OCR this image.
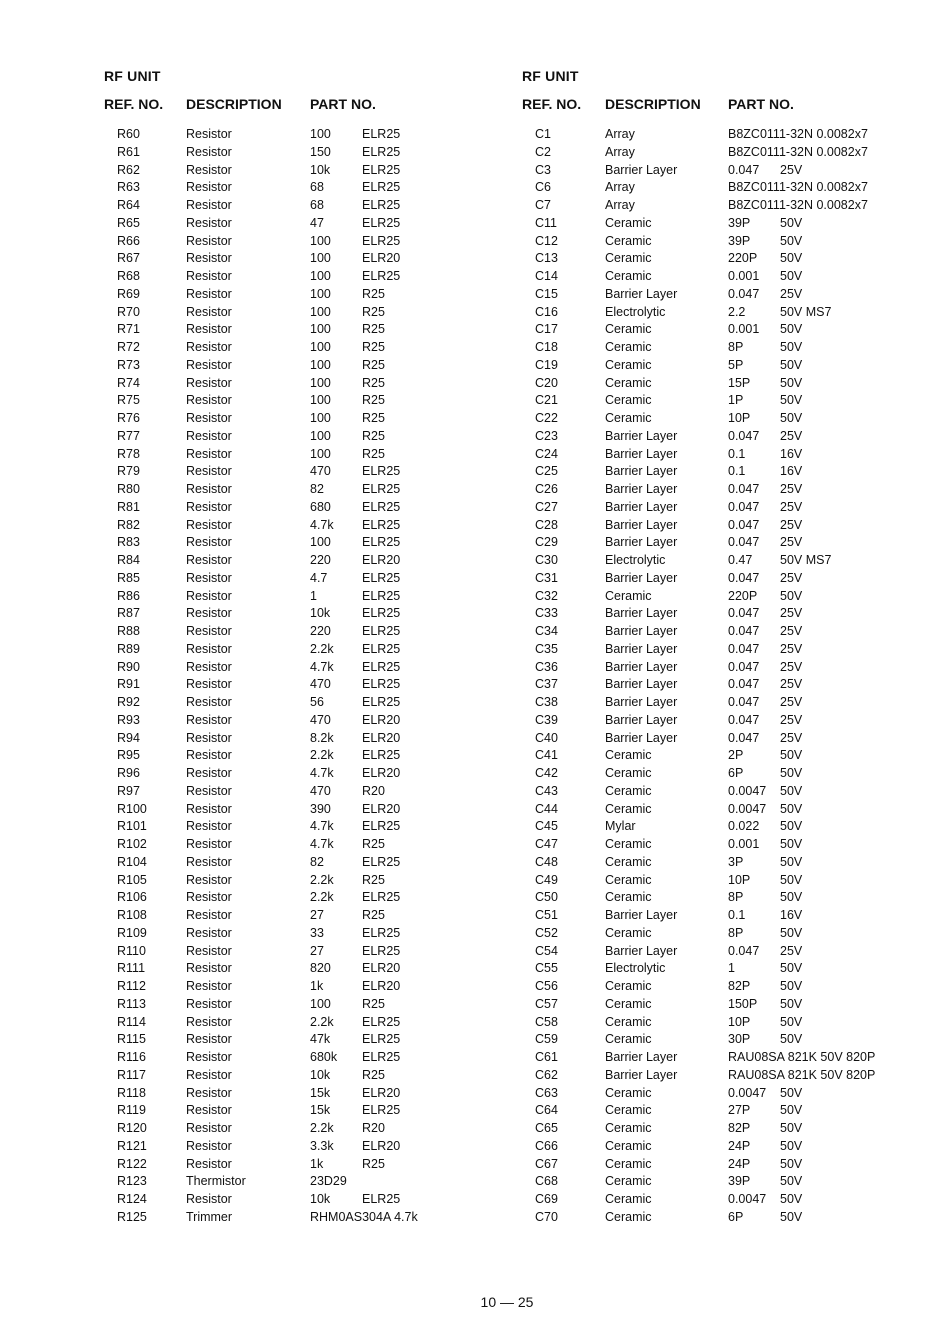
RF UNIT
REF. NO. DESCRIPTION PART NO.
R60	Resistor	100 ELR25
R61	Resistor	150 ELR25
R62	Resistor	10k	ELR25
R63	Resistor	68	ELR25
R64	Resistor	68	ELR25
R65	Resistor	47	ELR25
R66	Resistor	100 ELR25
R67	Resistor	100 ELR20
R68	Resistor	100 ELR25
R69	Resistor	100 R25
R70	Resistor	100 R25
R71	Resistor	100 R25
R72	Resistor	100 R25
R73	Resistor	100 R25
R74	Resistor	100 R25
R75	Resistor	100 R25
R76	Resistor	100 R25
R77	Resistor	100 R25
R78	Resistor	100 R25
R79	Resistor	470 ELR25
R80	Resistor	82	ELR25
R81	Resistor	680 ELR25
R82	Resistor	4.7k ELR25
R83	Resistor	100 ELR25
R84	Resistor	220 ELR20
R85	Resistor	4.7	ELR25
R86	Resistor	1	ELR25
R87	Resistor	10k	ELR25
R88	Resistor	220 ELR25
R89	Resistor	2.2k ELR25
R90	Resistor	4.7k ELR25
R91	Resistor	470 ELR25
R92	Resistor	56	ELR25
R93	Resistor	470 ELR20
R94	Resistor	8.2k ELR20
R95	Resistor	2.2k ELR25
R96	Resistor	4.7k ELR20
R97	Resistor	470 R20
R100	Resistor	390 ELR20
R101	Resistor	4.7k ELR25
R102	Resistor	4.7k R25
R104	Resistor	82	ELR25
R105	Resistor	2.2k R25
R106	Resistor	2.2k ELR25
R108	Resistor	27	R25
R109	Resistor	33	ELR25
R110	Resistor	27	ELR25
R111	Resistor	820 ELR20
R112	Resistor	1k	ELR20
R113	Resistor	100 R25
R114	Resistor	2.2k ELR25
R115	Resistor	47k	ELR25
R116	Resistor	680k ELR25
R117	Resistor	10k	R25
R118	Resistor	15k	ELR20
R119	Resistor	15k	ELR25
R120	Resistor	2.2k R20
R121	Resistor	3.3k ELR20
R122	Resistor	1k	R25
R123	Thermistor	23D29
R124	Resistor	10k	ELR25
R125	Trimmer	RHM0AS304A 4.7k
RF UNIT
REF. NO. DESCRIPTION PART NO.
C1	Array	B8ZC0111-32N 0.0082x7
C2	Array	B8ZC0111-32N 0.0082x7
C3	Barrier Layer	0.047 25V
C6	Array	B8ZC0111-32N 0.0082x7
C7	Array	B8ZC0111-32N 0.0082x7
C11	Ceramic	39P 50V
C12	Ceramic	39P 50V
C13	Ceramic	220P 50V
C14	Ceramic	0.001 50V
C15	Barrier Layer	0.047 25V
C16	Electrolytic	2.2	50V MS7
C17	Ceramic	0.001 50V
C18	Ceramic	8P	50V
C19	Ceramic	5P	50V
C20	Ceramic	15P 50V
C21	Ceramic	1P	50V
C22	Ceramic	10P 50V
C23	Barrier Layer	0.047 25V
C24	Barrier Layer	0.1	16V
C25	Barrier Layer	0.1	16V
C26	Barrier Layer	0.047 25V
C27	Barrier Layer	0.047 25V
C28	Barrier Layer	0.047 25V
C29	Barrier Layer	0.047 25V
C30	Electrolytic	0.47 50V MS7
C31	Barrier Layer	0.047 25V
C32	Ceramic	220P 50V
C33	Barrier Layer	0.047 25V
C34	Barrier Layer	0.047 25V
C35	Barrier Layer	0.047 25V
C36	Barrier Layer	0.047 25V
C37	Barrier Layer	0.047 25V
C38	Barrier Layer	0.047 25V
C39	Barrier Layer	0.047 25V
C40	Barrier Layer	0.047 25V
C41	Ceramic	2P	50V
C42	Ceramic	6P	50V
C43	Ceramic	0.0047 50V
C44	Ceramic	0.0047 50V
C45	Mylar	0.022 50V
C47	Ceramic	0.001 50V
C48	Ceramic	3P	50V
C49	Ceramic	10P 50V
C50	Ceramic	8P	50V
C51	Barrier Layer	0.1	16V
C52	Ceramic	8P	50V
C54	Barrier Layer	0.047 25V
C55	Electrolytic	1	50V
C56	Ceramic	82P 50V
C57	Ceramic	150P 50V
C58	Ceramic	10P 50V
C59	Ceramic	30P 50V
C61	Barrier Layer	RAU08SA 821K 50V 820P
C62	Barrier Layer	RAU08SA 821K 50V 820P
C63	Ceramic	0.0047 50V
C64	Ceramic	27P 50V
C65	Ceramic	82P 50V
C66	Ceramic	24P 50V
C67	Ceramic	24P 50V
C68	Ceramic	39P 50V
C69	Ceramic	0.0047 50V
C70	Ceramic	6P	50V
10 — 25
